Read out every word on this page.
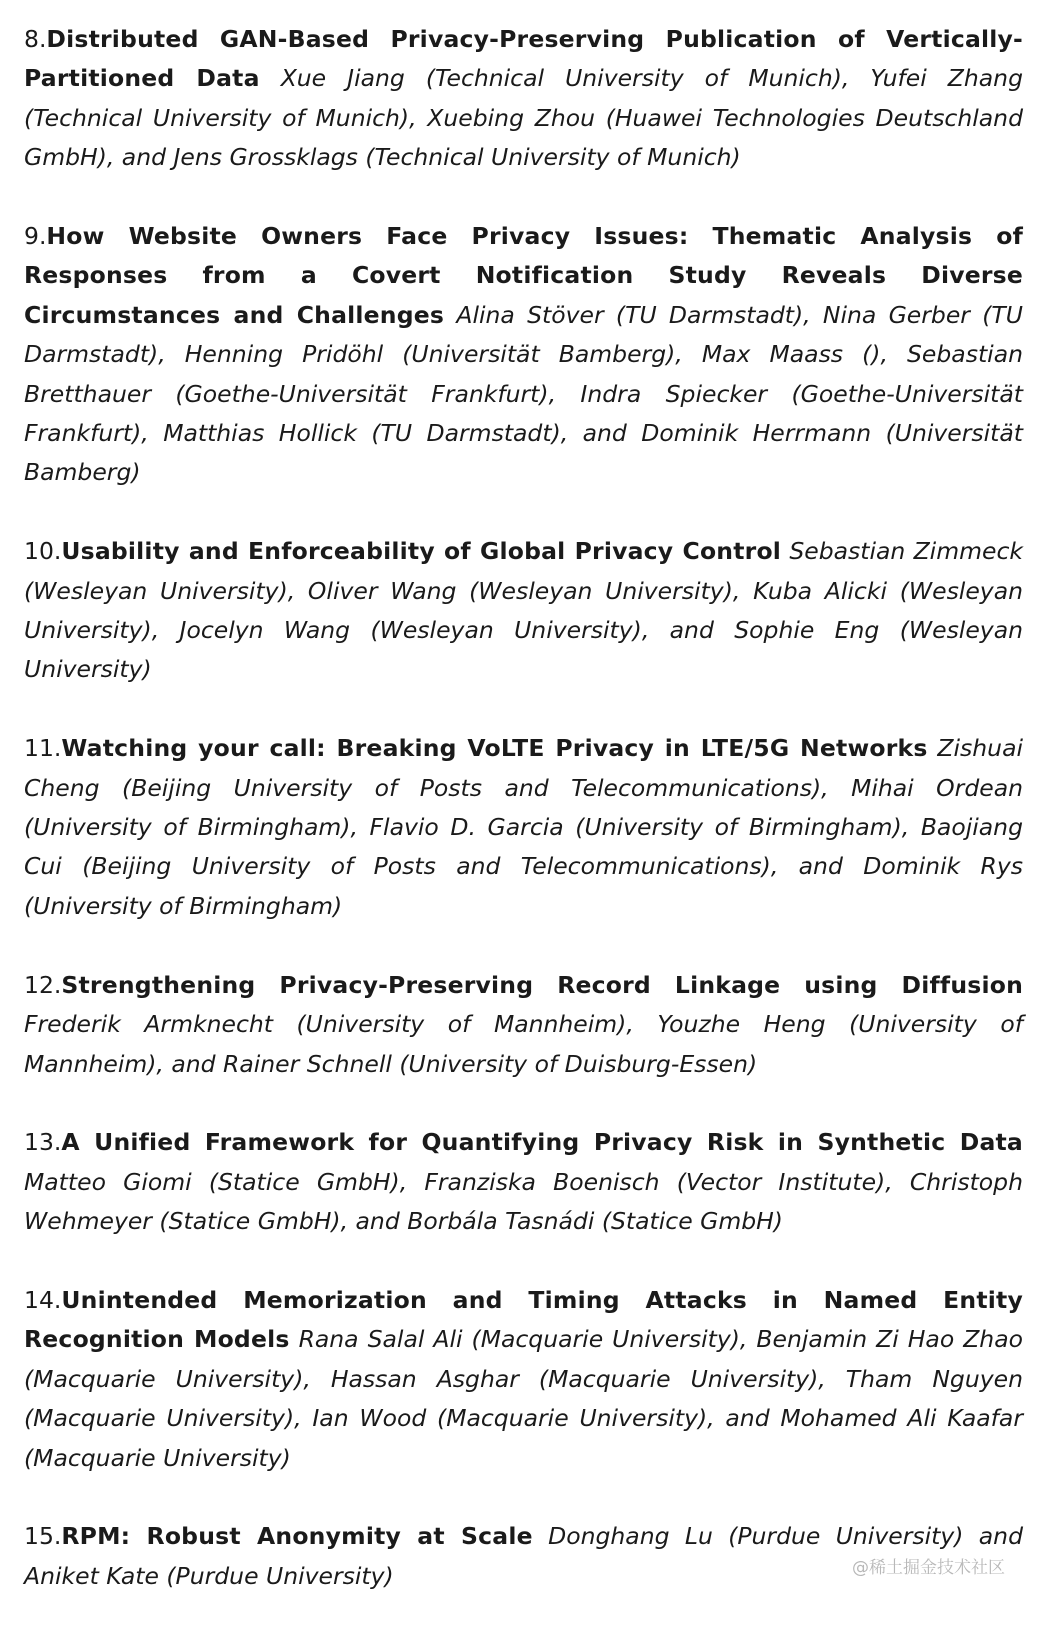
8.Distributed GAN-Based Privacy-Preserving Publication of Vertically-Partitioned Data Xue Jiang (Technical University of Munich), Yufei Zhang (Technical University of Munich), Xuebing Zhou (Huawei Technologies Deutschland GmbH), and Jens Grossklags (Technical University of Munich)

9.How Website Owners Face Privacy Issues: Thematic Analysis of Responses from a Covert Notification Study Reveals Diverse Circumstances and Challenges Alina Stöver (TU Darmstadt), Nina Gerber (TU Darmstadt), Henning Pridöhl (Universität Bamberg), Max Maass (), Sebastian Bretthauer (Goethe-Universität Frankfurt), Indra Spiecker (Goethe-Universität Frankfurt), Matthias Hollick (TU Darmstadt), and Dominik Herrmann (Universität Bamberg)

10.Usability and Enforceability of Global Privacy Control Sebastian Zimmeck (Wesleyan University), Oliver Wang (Wesleyan University), Kuba Alicki (Wesleyan University), Jocelyn Wang (Wesleyan University), and Sophie Eng (Wesleyan University)

11.Watching your call: Breaking VoLTE Privacy in LTE/5G Networks Zishuai Cheng (Beijing University of Posts and Telecommunications), Mihai Ordean (University of Birmingham), Flavio D. Garcia (University of Birmingham), Baojiang Cui (Beijing University of Posts and Telecommunications), and Dominik Rys (University of Birmingham)

12.Strengthening Privacy-Preserving Record Linkage using Diffusion Frederik Armknecht (University of Mannheim), Youzhe Heng (University of Mannheim), and Rainer Schnell (University of Duisburg-Essen)

13.A Unified Framework for Quantifying Privacy Risk in Synthetic Data Matteo Giomi (Statice GmbH), Franziska Boenisch (Vector Institute), Christoph Wehmeyer (Statice GmbH), and Borbála Tasnádi (Statice GmbH)

14.Unintended Memorization and Timing Attacks in Named Entity Recognition Models Rana Salal Ali (Macquarie University), Benjamin Zi Hao Zhao (Macquarie University), Hassan Asghar (Macquarie University), Tham Nguyen (Macquarie University), Ian Wood (Macquarie University), and Mohamed Ali Kaafar (Macquarie University)

15.RPM: Robust Anonymity at Scale Donghang Lu (Purdue University) and Aniket Kate (Purdue University)	@稀土掘金技术社区
